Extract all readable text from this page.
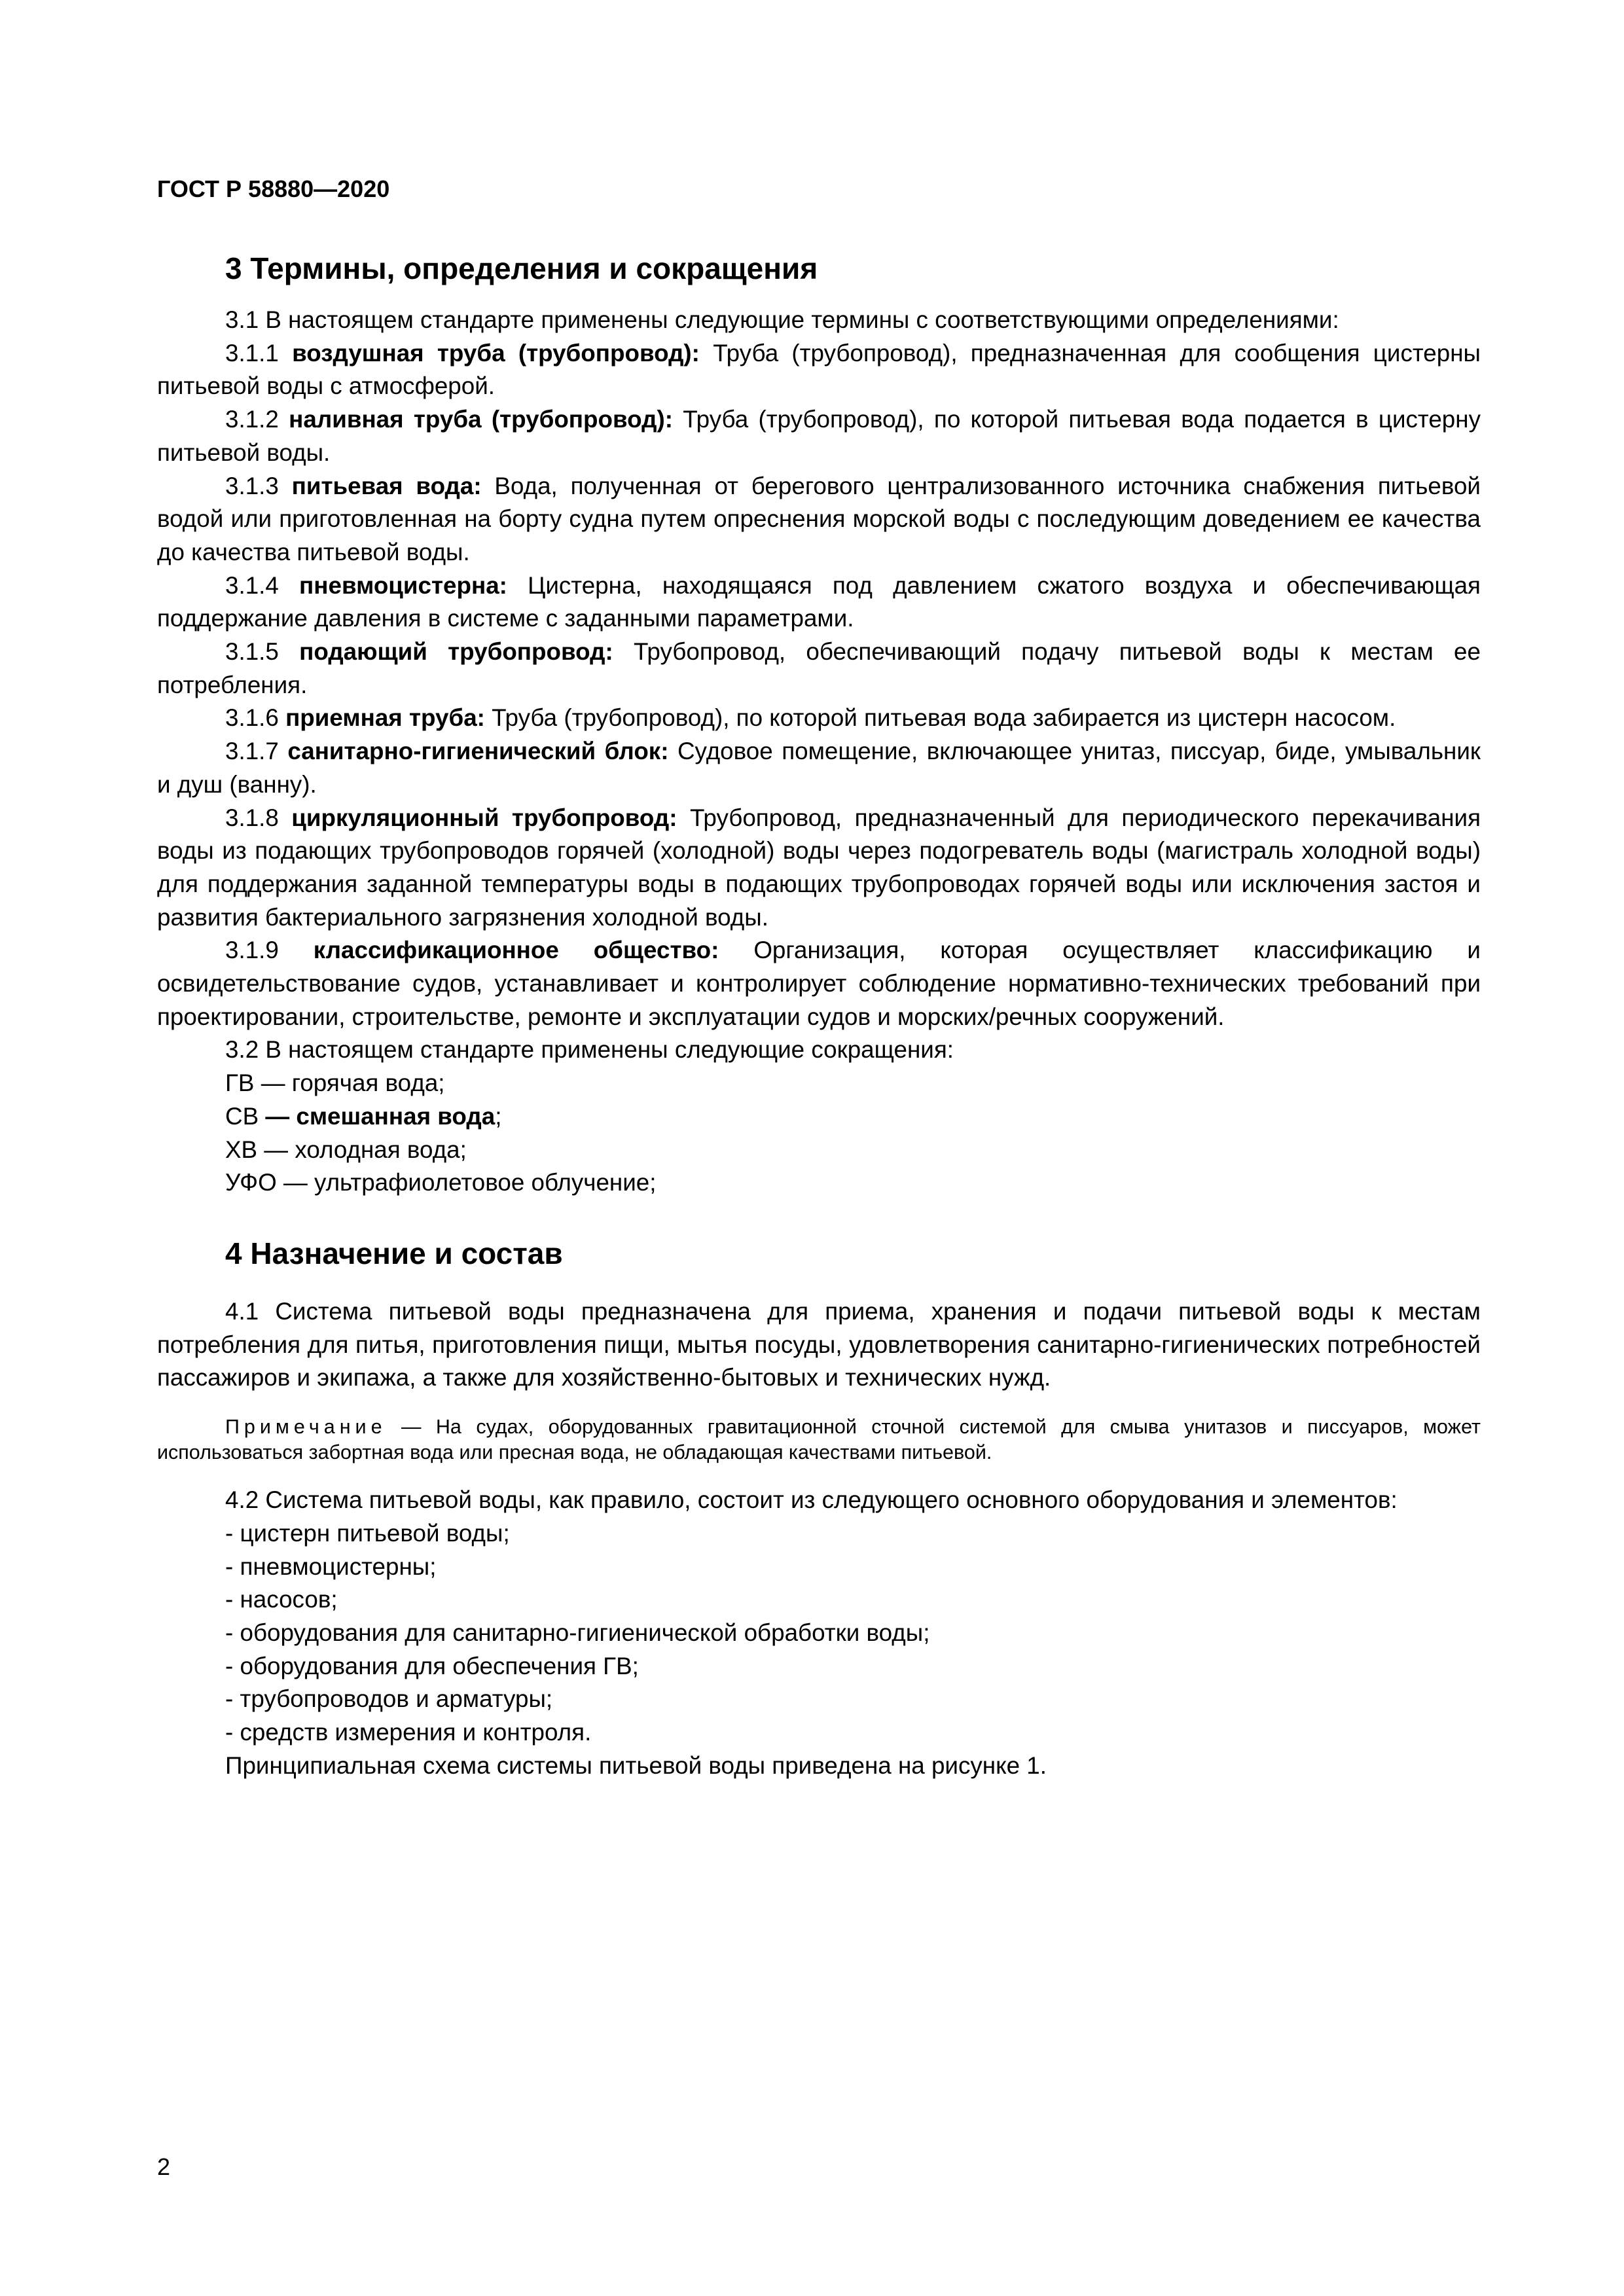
ГОСТ Р 58880—2020
3 Термины, определения и сокращения

3.1 В настоящем стандарте применены следующие термины с соответствующими определениями:

3.1.1 воздушная труба (трубопровод): Труба (трубопровод), предназначенная для сообщения цистерны питьевой воды с атмосферой.

3.1.2 наливная труба (трубопровод): Труба (трубопровод), по которой питьевая вода подается в цистерну питьевой воды.

3.1.3 питьевая вода: Вода, полученная от берегового централизованного источника снабжения питьевой водой или приготовленная на борту судна путем опреснения морской воды с последующим доведением ее качества до качества питьевой воды.

3.1.4 пневмоцистерна: Цистерна, находящаяся под давлением сжатого воздуха и обеспечивающая поддержание давления в системе с заданными параметрами.

3.1.5 подающий трубопровод: Трубопровод, обеспечивающий подачу питьевой воды к местам ее потребления.

3.1.6 приемная труба: Труба (трубопровод), по которой питьевая вода забирается из цистерн насосом.

3.1.7 санитарно-гигиенический блок: Судовое помещение, включающее унитаз, писсуар, биде, умывальник и душ (ванну).

3.1.8 циркуляционный трубопровод: Трубопровод, предназначенный для периодического перекачивания воды из подающих трубопроводов горячей (холодной) воды через подогреватель воды (магистраль холодной воды) для поддержания заданной температуры воды в подающих трубопроводах горячей воды или исключения застоя и развития бактериального загрязнения холодной воды.

3.1.9 классификационное общество: Организация, которая осуществляет классификацию и освидетельствование судов, устанавливает и контролирует соблюдение нормативно-технических требований при проектировании, строительстве, ремонте и эксплуатации судов и морских/речных сооружений.

3.2 В настоящем стандарте применены следующие сокращения:

ГВ — горячая вода;

СВ — смешанная вода;

ХВ — холодная вода;

УФО — ультрафиолетовое облучение;

4 Назначение и состав

4.1 Система питьевой воды предназначена для приема, хранения и подачи питьевой воды к местам потребления для питья, приготовления пищи, мытья посуды, удовлетворения санитарно-гигиенических потребностей пассажиров и экипажа, а также для хозяйственно-бытовых и технических нужд.

Примечание — На судах, оборудованных гравитационной сточной системой для смыва унитазов и писсуаров, может использоваться забортная вода или пресная вода, не обладающая качествами питьевой.

4.2 Система питьевой воды, как правило, состоит из следующего основного оборудования и элементов:

- цистерн питьевой воды;

- пневмоцистерны;

- насосов;

- оборудования для санитарно-гигиенической обработки воды;

- оборудования для обеспечения ГВ;

- трубопроводов и арматуры;

- средств измерения и контроля.

Принципиальная схема системы питьевой воды приведена на рисунке 1.

2
